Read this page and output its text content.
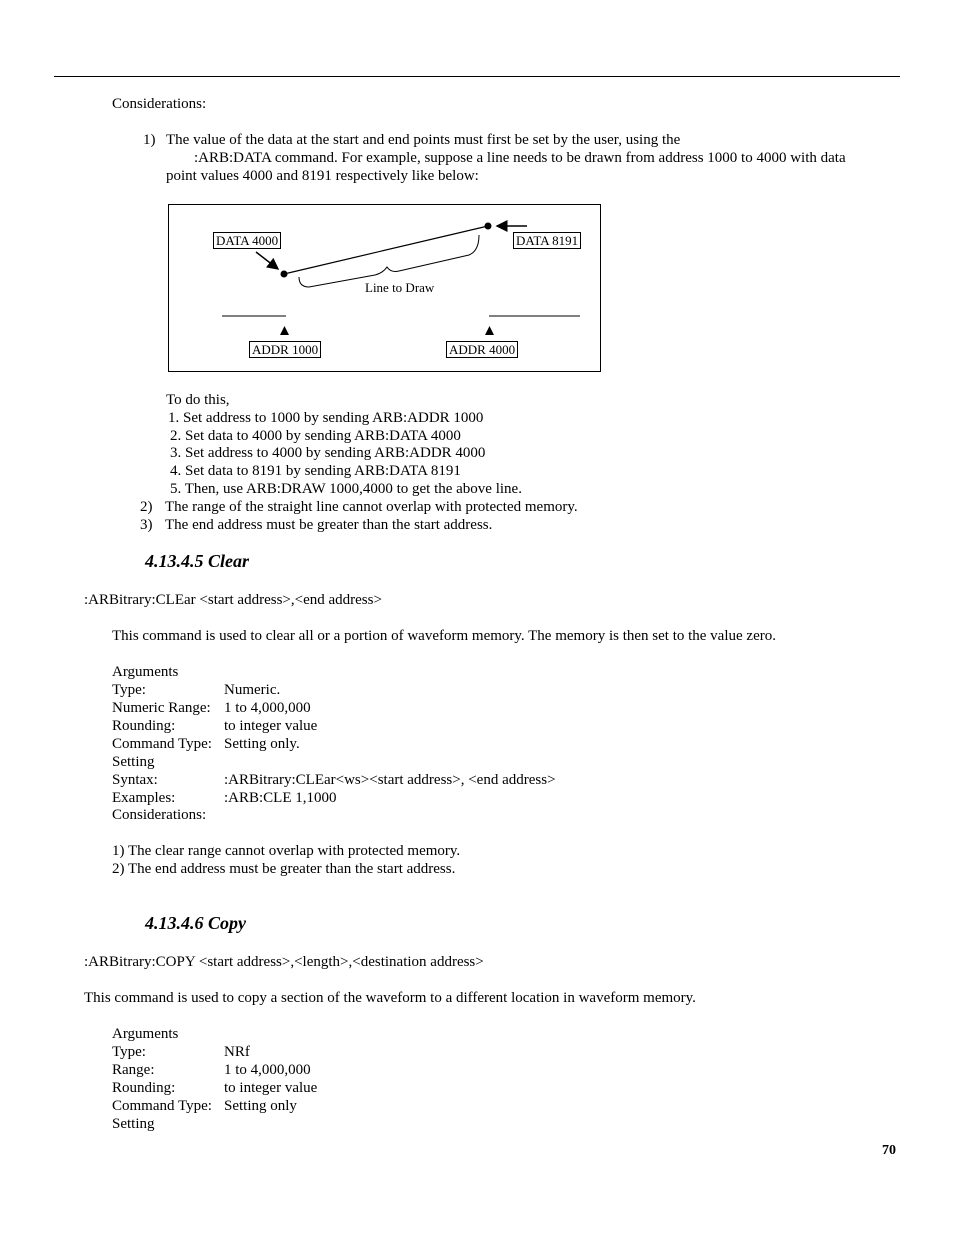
Considerations:
1) The value of the data at the start and end points must first be set by the user, using the
:ARB:DATA command. For example, suppose a line needs to be drawn from address 1000 to 4000 with data
point values 4000 and 8191 respectively like below:
DATA 4000	DATA 8191
Line to Draw
ADDR 1000	ADDR 4000
To do this,
1. Set address to 1000 by sending ARB:ADDR 1000
2. Set data to 4000 by sending ARB:DATA 4000
3. Set address to 4000 by sending ARB:ADDR 4000
4. Set data to 8191 by sending ARB:DATA 8191
5. Then, use ARB:DRAW 1000,4000 to get the above line.
2) The range of the straight line cannot overlap with protected memory.
3) The end address must be greater than the start address.
4.13.4.5 Clear
:ARBitrary:CLEar <start address>,<end address>
This command is used to clear all or a portion of waveform memory. The memory is then set to the value zero.
Arguments
Type:	Numeric.
Numeric Range: 1 to 4,000,000
Rounding:	to integer value
Command Type: Setting only.
Setting
Syntax:	:ARBitrary:CLEar<ws><start address>, <end address>
Examples:	:ARB:CLE 1,1000
Considerations:
1) The clear range cannot overlap with protected memory.
2) The end address must be greater than the start address.
4.13.4.6 Copy
:ARBitrary:COPY <start address>,<length>,<destination address>
This command is used to copy a section of the waveform to a different location in waveform memory.
Arguments
Type:	NRf
Range:	1 to 4,000,000
Rounding:	to integer value
Command Type: Setting only
Setting
70
